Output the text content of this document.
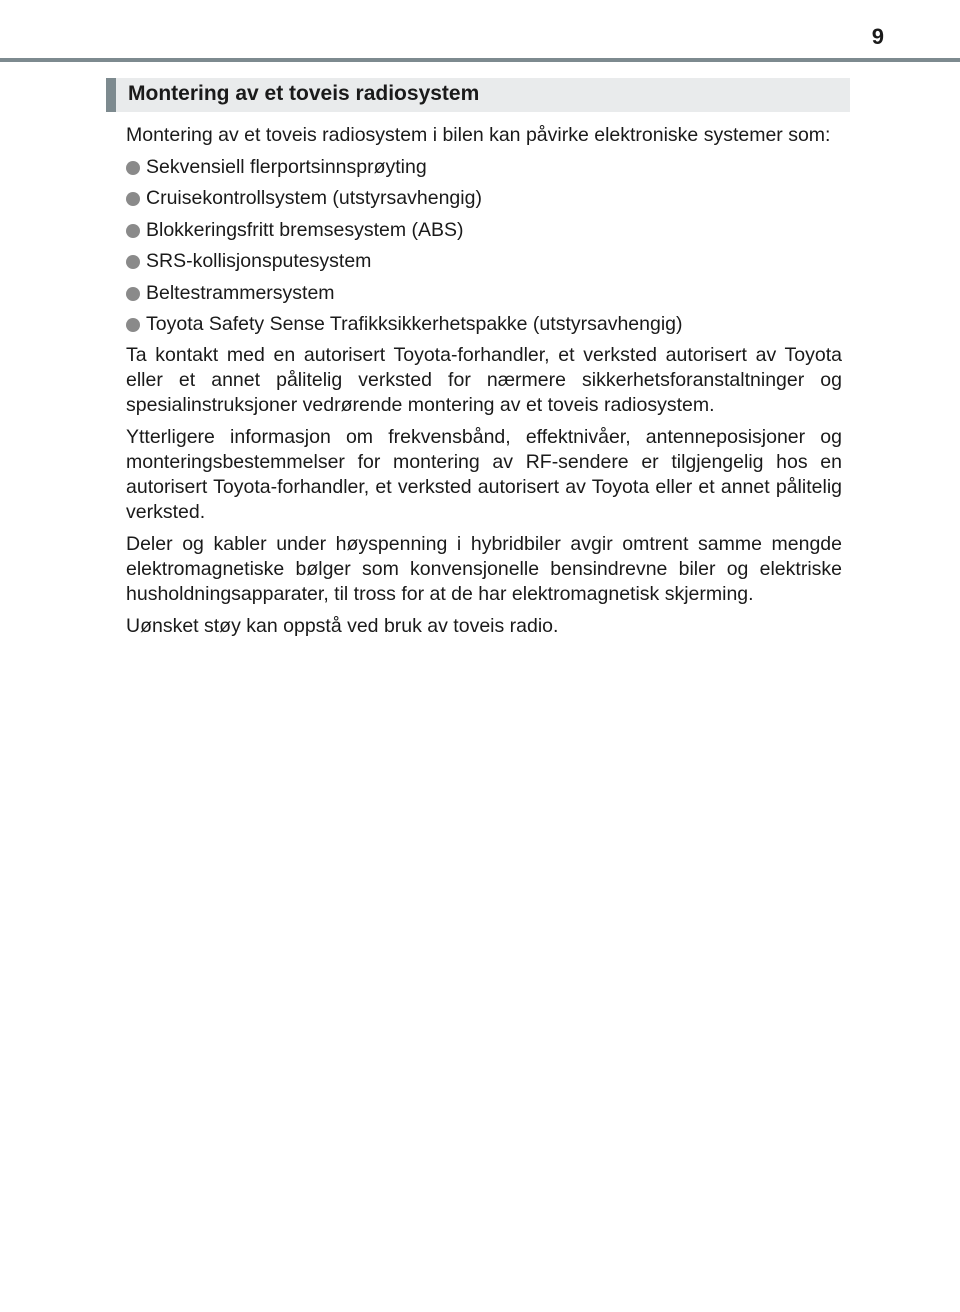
9
Montering av et toveis radiosystem

Montering av et toveis radiosystem i bilen kan påvirke elektroniske systemer som:

Sekvensiell flerportsinnsprøyting
Cruisekontrollsystem (utstyrsavhengig)
Blokkeringsfritt bremsesystem (ABS)
SRS-kollisjonsputesystem
Beltestrammersystem
Toyota Safety Sense Trafikksikkerhetspakke (utstyrsavhengig)

Ta kontakt med en autorisert Toyota-forhandler, et verksted autorisert av Toyota eller et annet pålitelig verksted for nærmere sikkerhetsforanstaltninger og spesialinstruksjoner vedrørende montering av et toveis radiosystem.

Ytterligere informasjon om frekvensbånd, effektnivåer, antenneposisjoner og monteringsbestemmelser for montering av RF-sendere er tilgjengelig hos en autorisert Toyota-forhandler, et verksted autorisert av Toyota eller et annet pålitelig verksted.

Deler og kabler under høyspenning i hybridbiler avgir omtrent samme mengde elektromagnetiske bølger som konvensjonelle bensindrevne biler og elektriske husholdningsapparater, til tross for at de har elektromagnetisk skjerming.

Uønsket støy kan oppstå ved bruk av toveis radio.
